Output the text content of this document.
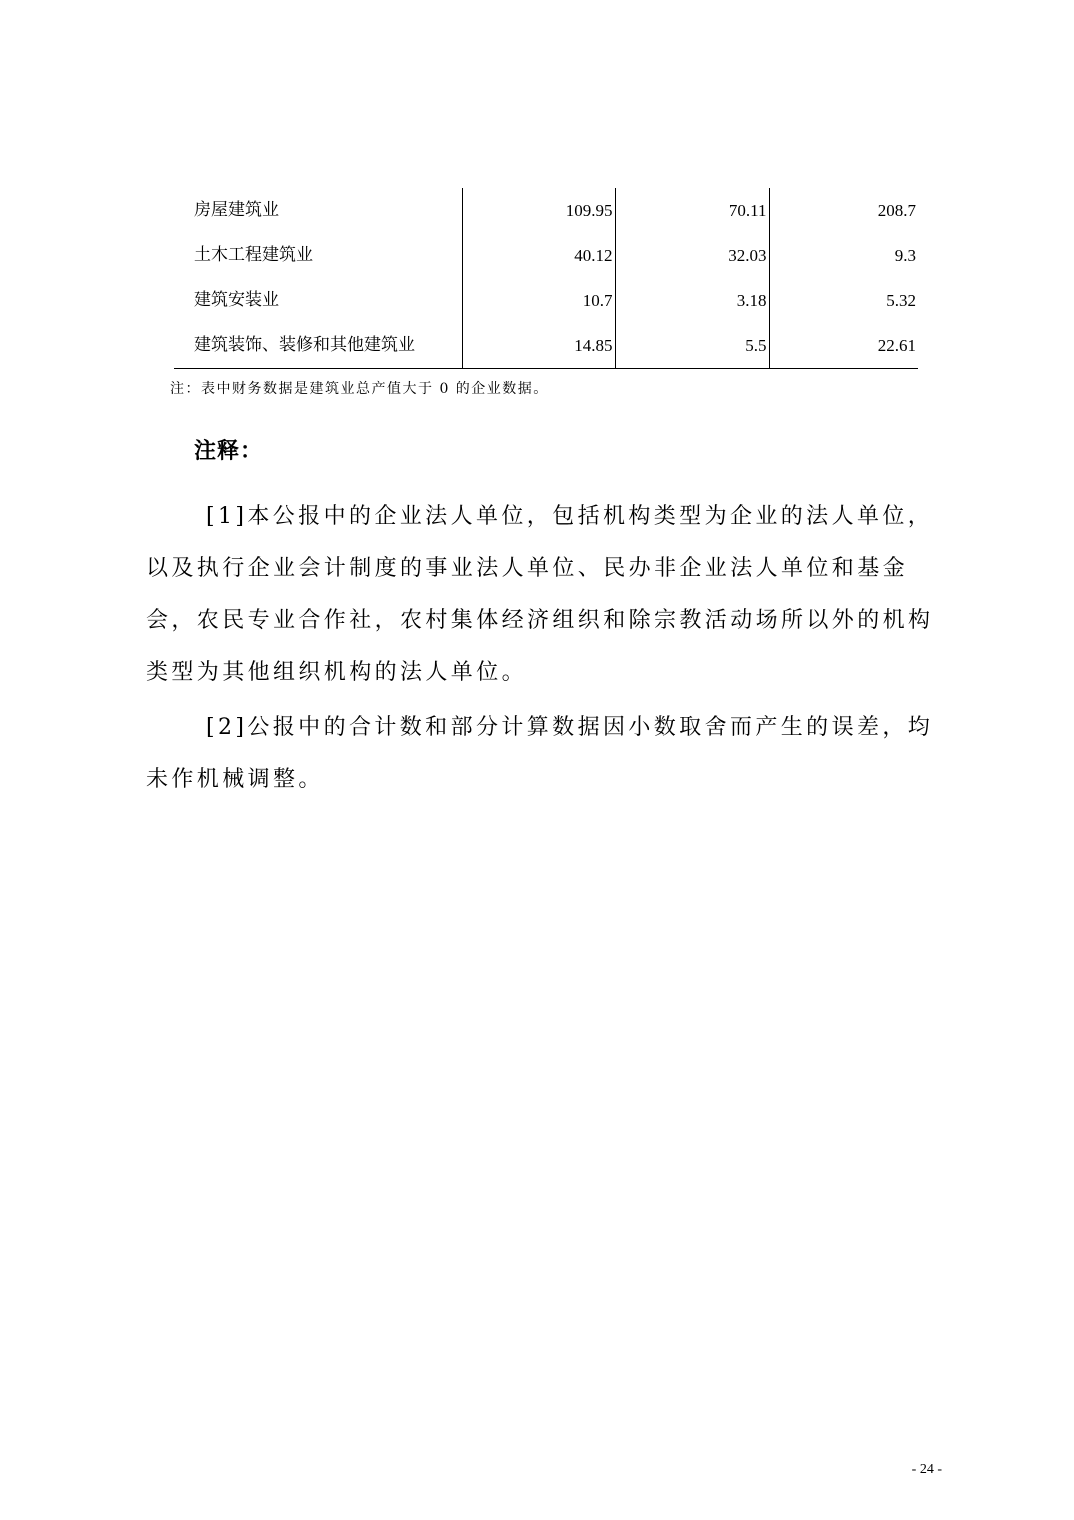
房屋建筑业	109.95	70.11	208.7
土木工程建筑业	40.12	32.03	9.3
建筑安装业	10.7	3.18	5.32
建筑装饰、装修和其他建筑业	14.85	5.5	22.61
注：表中财务数据是建筑业总产值大于 0 的企业数据。
注释：

[1]本公报中的企业法人单位，包括机构类型为企业的法人单位，以及执行企业会计制度的事业法人单位、民办非企业法人单位和基金会，农民专业合作社，农村集体经济组织和除宗教活动场所以外的机构类型为其他组织机构的法人单位。

[2]公报中的合计数和部分计算数据因小数取舍而产生的误差，均未作机械调整。

- 24 -
